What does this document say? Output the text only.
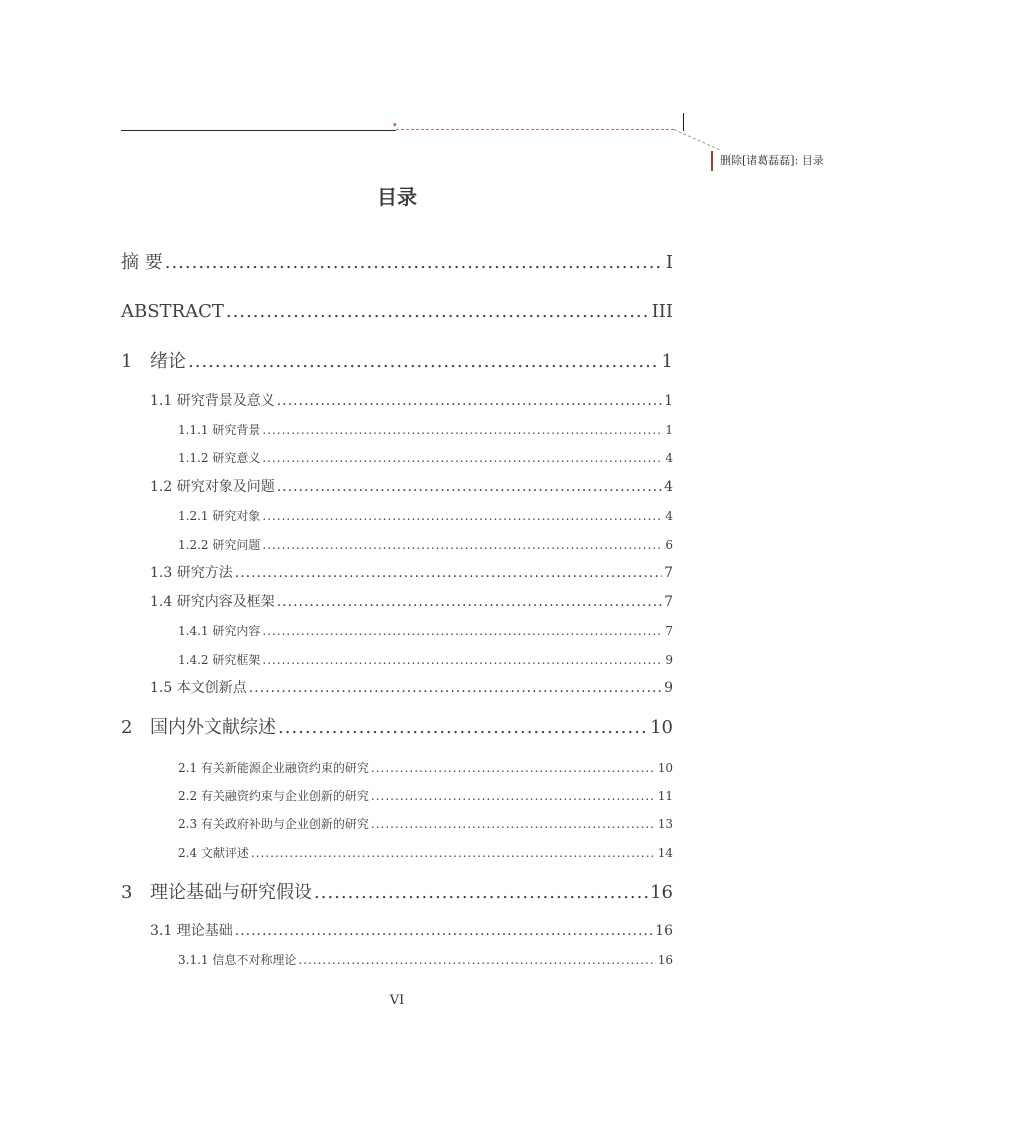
▾
删除[诸葛磊磊]: 目录
目录
摘 要 .....	I
ABSTRACT .....	III
1 绪论 .....	1
1.1 研究背景及意义 .....	1
1.1.1 研究背景 .....	1
1.1.2 研究意义 .....	4
1.2 研究对象及问题 .....	4
1.2.1 研究对象 .....	4
1.2.2 研究问题 .....	6
1.3 研究方法 .....	7
1.4 研究内容及框架 .....	7
1.4.1 研究内容 .....	7
1.4.2 研究框架 .....	9
1.5 本文创新点 .....	9
2 国内外文献综述 .....	10
2.1 有关新能源企业融资约束的研究 .....	10
2.2 有关融资约束与企业创新的研究 .....	11
2.3 有关政府补助与企业创新的研究 .....	13
2.4 文献评述 .....	14
3 理论基础与研究假设 .....	16
3.1 理论基础 .....	16
3.1.1 信息不对称理论 .....	16
VI
